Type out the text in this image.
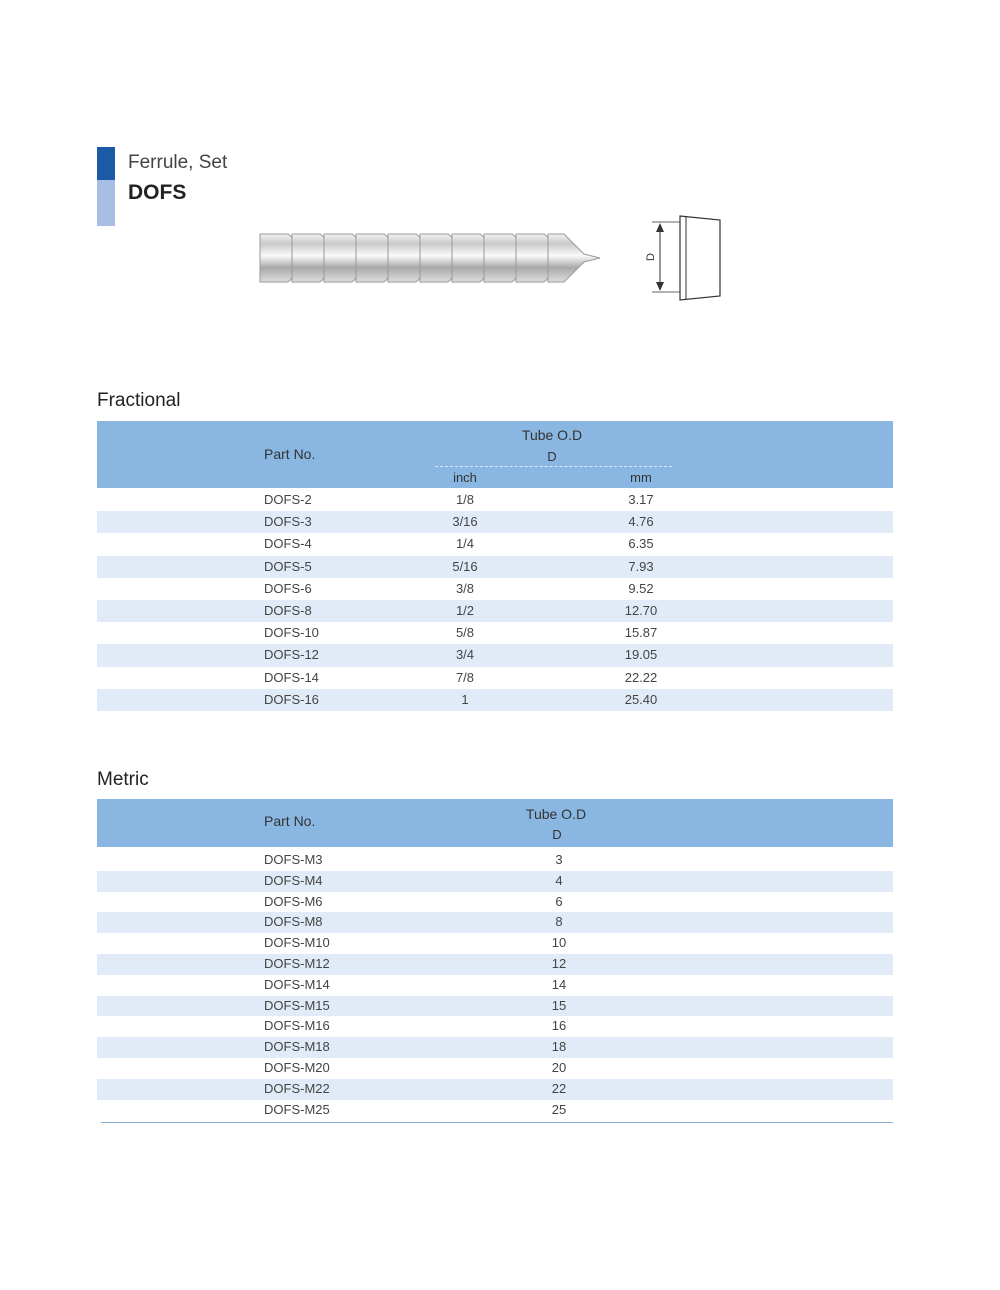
Ferrule, Set
DOFS
D
Fractional
Part No.
Tube O.D
D
inch	mm
DOFS-2	1/8	3.17
DOFS-3	3/16	4.76
DOFS-4	1/4	6.35
DOFS-5	5/16	7.93
DOFS-6	3/8	9.52
DOFS-8	1/2	12.70
DOFS-10	5/8	15.87
DOFS-12	3/4	19.05
DOFS-14	7/8	22.22
DOFS-16	1	25.40
Metric
Part No.	Tube O.D
D
DOFS-M3	3
DOFS-M4	4
DOFS-M6	6
DOFS-M8	8
DOFS-M10	10
DOFS-M12	12
DOFS-M14	14
DOFS-M15	15
DOFS-M16	16
DOFS-M18	18
DOFS-M20	20
DOFS-M22	22
DOFS-M25	25
